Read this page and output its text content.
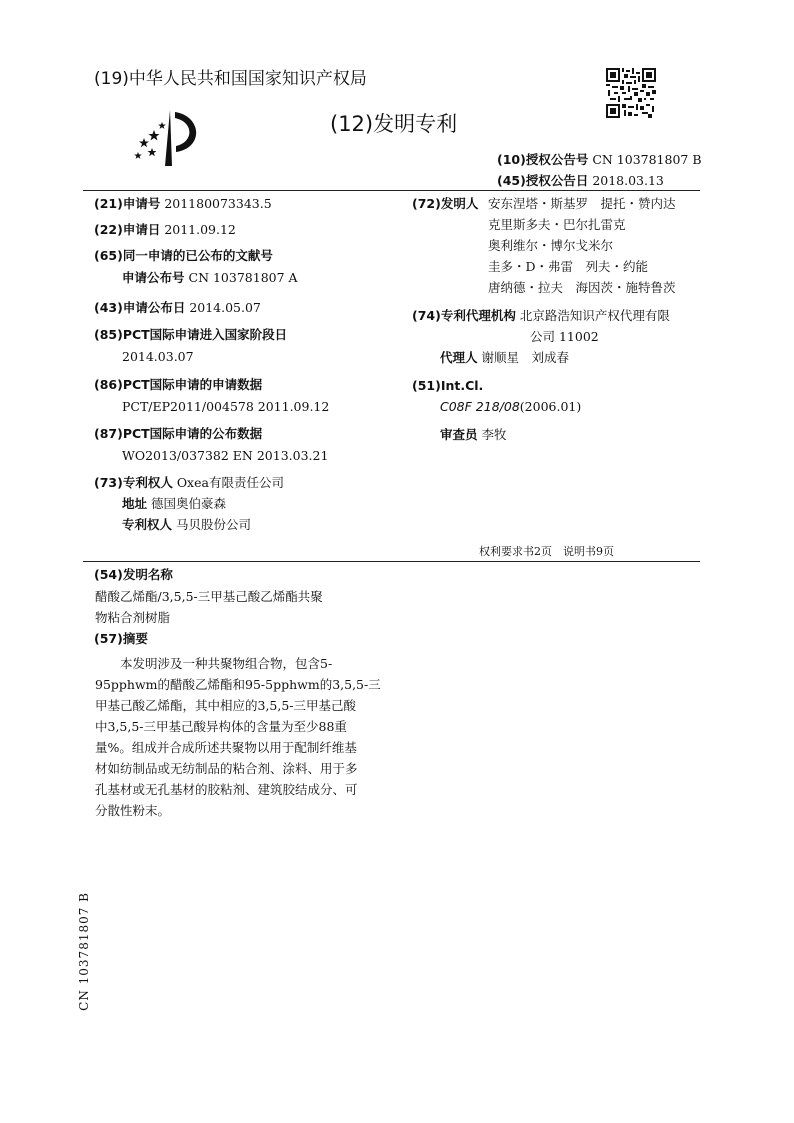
(19)中华人民共和国国家知识产权局
(12)发明专利
(10)授权公告号 CN 103781807 B
(45)授权公告日 2018.03.13
(21)申请号 201180073343.5
(22)申请日 2011.09.12
(65)同一申请的已公布的文献号
申请公布号 CN 103781807 A
(43)申请公布日 2014.05.07
(85)PCT国际申请进入国家阶段日
2014.03.07
(86)PCT国际申请的申请数据
PCT/EP2011/004578 2011.09.12
(87)PCT国际申请的公布数据
WO2013/037382 EN 2013.03.21
(73)专利权人 Oxea有限责任公司
地址 德国奥伯豪森
专利权人 马贝股份公司
(72)发明人 安东涅塔・斯基罗　提托・赞内达
克里斯多夫・巴尔扎雷克
奥利维尔・博尔戈米尔
圭多・D・弗雷　列夫・约能
唐纳德・拉夫　海因茨・施特鲁茨
(74)专利代理机构 北京路浩知识产权代理有限
公司 11002
代理人 谢顺星　刘成春
(51)Int.Cl.
C08F 218/08(2006.01)
审查员 李牧
权利要求书2页　说明书9页
(54)发明名称
醋酸乙烯酯/3,5,5-三甲基己酸乙烯酯共聚
物粘合剂树脂
(57)摘要
　　本发明涉及一种共聚物组合物，包含5-
95pphwm的醋酸乙烯酯和95-5pphwm的3,5,5-三
甲基己酸乙烯酯，其中相应的3,5,5-三甲基己酸
中3,5,5-三甲基己酸异构体的含量为至少88重
量%。组成并合成所述共聚物以用于配制纤维基
材如纺制品或无纺制品的粘合剂、涂料、用于多
孔基材或无孔基材的胶粘剂、建筑胶结成分、可
分散性粉末。
CN 103781807 B
